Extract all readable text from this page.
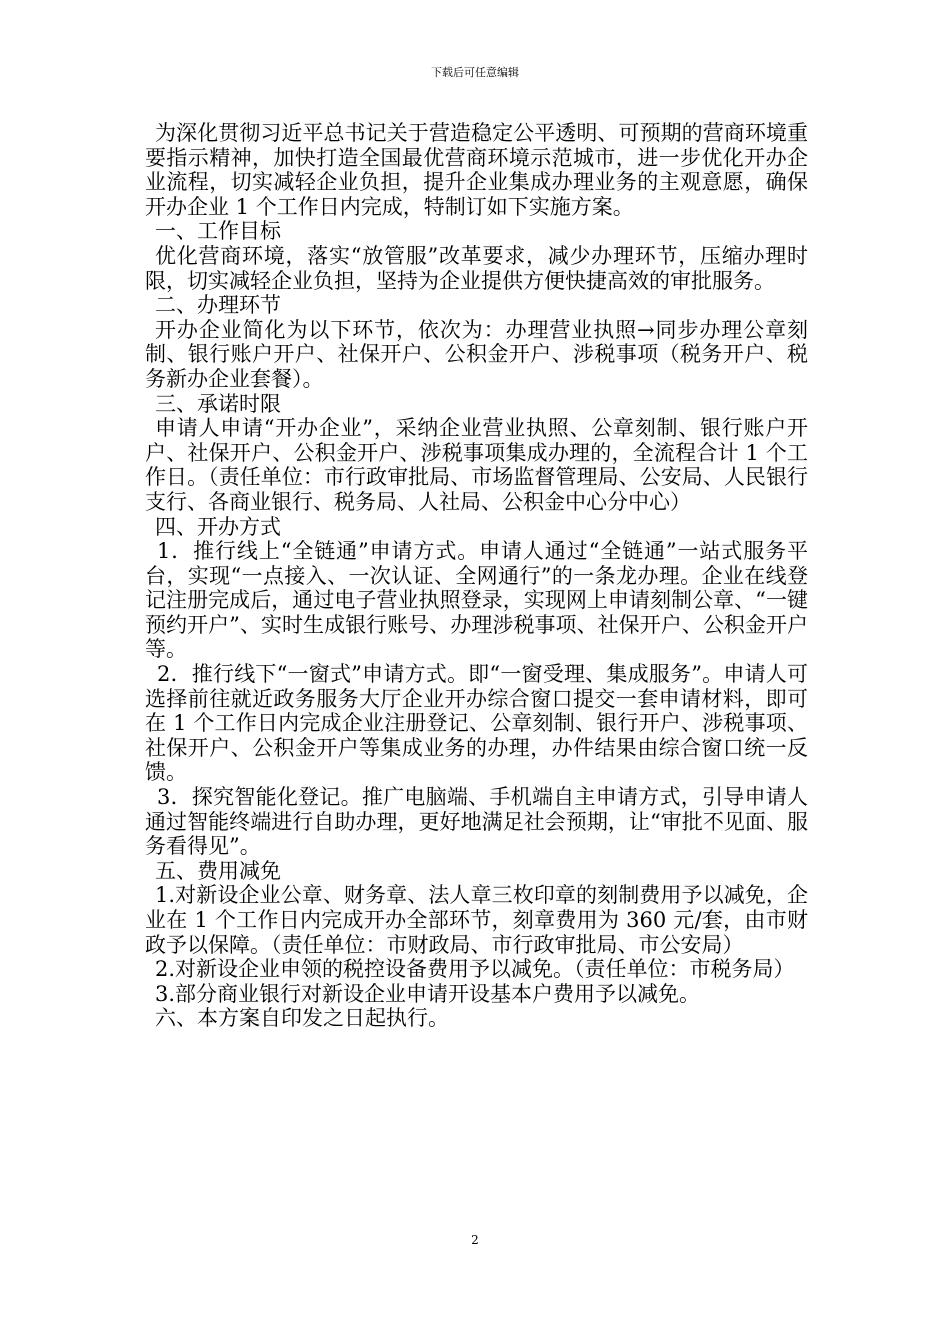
下载后可任意编辑

为深化贯彻习近平总书记关于营造稳定公平透明、可预期的营商环境重要指示精神，加快打造全国最优营商环境示范城市，进一步优化开办企业流程，切实减轻企业负担，提升企业集成办理业务的主观意愿，确保开办企业 1 个工作日内完成，特制订如下实施方案。

一、工作目标

优化营商环境，落实“放管服”改革要求，减少办理环节，压缩办理时限，切实减轻企业负担，坚持为企业提供方便快捷高效的审批服务。

二、办理环节

开办企业简化为以下环节，依次为：办理营业执照→同步办理公章刻制、银行账户开户、社保开户、公积金开户、涉税事项（税务开户、税务新办企业套餐）。

三、承诺时限

申请人申请“开办企业”，采纳企业营业执照、公章刻制、银行账户开户、社保开户、公积金开户、涉税事项集成办理的，全流程合计 1 个工作日。（责任单位：市行政审批局、市场监督管理局、公安局、人民银行支行、各商业银行、税务局、人社局、公积金中心分中心）

四、开办方式

1．推行线上“全链通”申请方式。申请人通过“全链通”一站式服务平台，实现“一点接入、一次认证、全网通行”的一条龙办理。企业在线登记注册完成后，通过电子营业执照登录，实现网上申请刻制公章、“一键预约开户”、实时生成银行账号、办理涉税事项、社保开户、公积金开户等。

2．推行线下“一窗式”申请方式。即“一窗受理、集成服务”。申请人可选择前往就近政务服务大厅企业开办综合窗口提交一套申请材料，即可在 1 个工作日内完成企业注册登记、公章刻制、银行开户、涉税事项、社保开户、公积金开户等集成业务的办理，办件结果由综合窗口统一反馈。

3．探究智能化登记。推广电脑端、手机端自主申请方式，引导申请人通过智能终端进行自助办理，更好地满足社会预期，让“审批不见面、服务看得见”。

五、费用减免

1.对新设企业公章、财务章、法人章三枚印章的刻制费用予以减免，企业在 1 个工作日内完成开办全部环节，刻章费用为 360 元/套，由市财政予以保障。（责任单位：市财政局、市行政审批局、市公安局）

2.对新设企业申领的税控设备费用予以减免。（责任单位：市税务局）

3.部分商业银行对新设企业申请开设基本户费用予以减免。

六、本方案自印发之日起执行。

2
